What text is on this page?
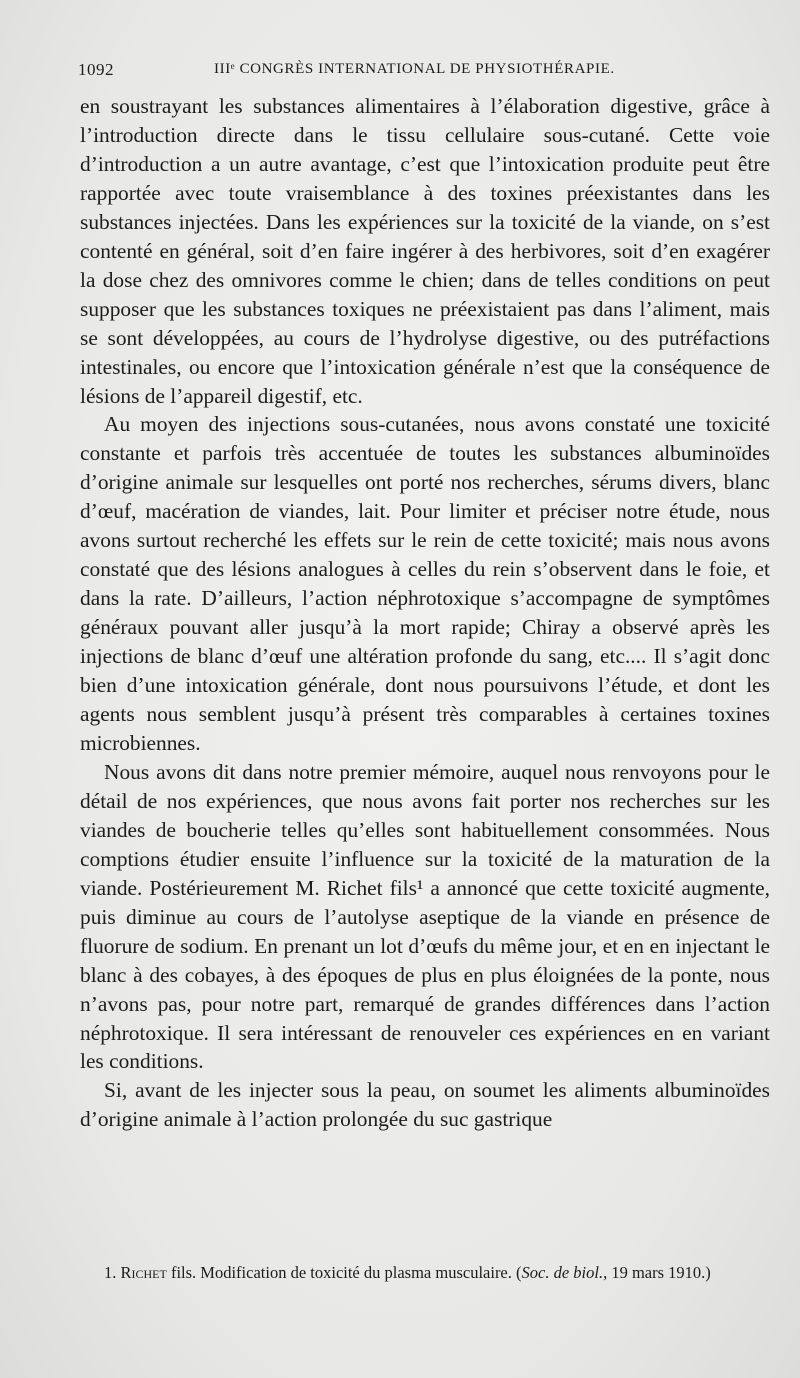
1092	IIIᵉ CONGRÈS INTERNATIONAL DE PHYSIOTHÉRAPIE.

en soustrayant les substances alimentaires à l’élaboration digestive, grâce à l’introduction directe dans le tissu cellulaire sous-cutané. Cette voie d’introduction a un autre avantage, c’est que l’intoxication produite peut être rapportée avec toute vraisemblance à des toxines préexistantes dans les substances injectées. Dans les expériences sur la toxicité de la viande, on s’est contenté en général, soit d’en faire ingérer à des herbivores, soit d’en exagérer la dose chez des omnivores comme le chien; dans de telles conditions on peut supposer que les substances toxiques ne préexistaient pas dans l’aliment, mais se sont développées, au cours de l’hydrolyse digestive, ou des putréfactions intestinales, ou encore que l’intoxication générale n’est que la conséquence de lésions de l’appareil digestif, etc.

Au moyen des injections sous-cutanées, nous avons constaté une toxicité constante et parfois très accentuée de toutes les substances albuminoïdes d’origine animale sur lesquelles ont porté nos recherches, sérums divers, blanc d’œuf, macération de viandes, lait. Pour limiter et préciser notre étude, nous avons surtout recherché les effets sur le rein de cette toxicité; mais nous avons constaté que des lésions analogues à celles du rein s’observent dans le foie, et dans la rate. D’ailleurs, l’action néphrotoxique s’accompagne de symptômes généraux pouvant aller jusqu’à la mort rapide; Chiray a observé après les injections de blanc d’œuf une altération profonde du sang, etc.... Il s’agit donc bien d’une intoxication générale, dont nous poursuivons l’étude, et dont les agents nous semblent jusqu’à présent très comparables à certaines toxines microbiennes.

Nous avons dit dans notre premier mémoire, auquel nous renvoyons pour le détail de nos expériences, que nous avons fait porter nos recherches sur les viandes de boucherie telles qu’elles sont habituellement consommées. Nous comptions étudier ensuite l’influence sur la toxicité de la maturation de la viande. Postérieurement M. Richet fils¹ a annoncé que cette toxicité augmente, puis diminue au cours de l’autolyse aseptique de la viande en présence de fluorure de sodium. En prenant un lot d’œufs du même jour, et en en injectant le blanc à des cobayes, à des époques de plus en plus éloignées de la ponte, nous n’avons pas, pour notre part, remarqué de grandes différences dans l’action néphrotoxique. Il sera intéressant de renouveler ces expériences en en variant les conditions.

Si, avant de les injecter sous la peau, on soumet les aliments albuminoïdes d’origine animale à l’action prolongée du suc gastrique

1. Richet fils. Modification de toxicité du plasma musculaire. (Soc. de biol., 19 mars 1910.)
